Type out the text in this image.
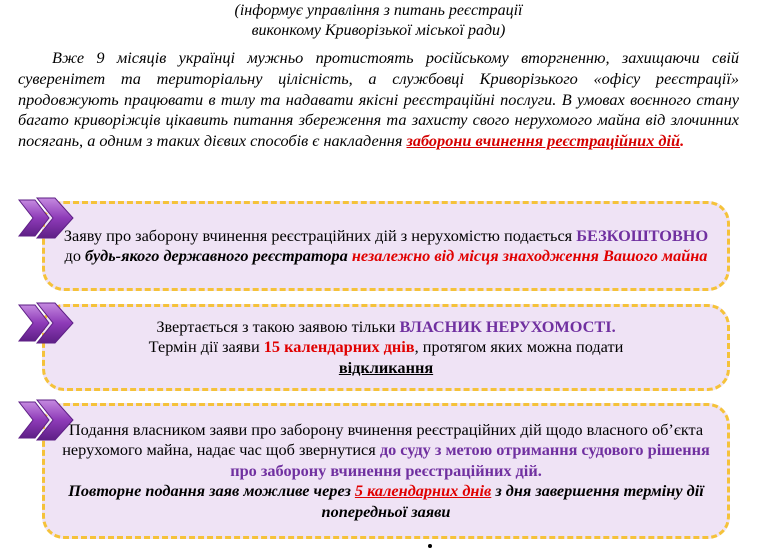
(інформує управління з питань реєстрації
виконкому Криворізької міської ради)
Вже 9 місяців українці мужньо протистоять російському вторгненню, захищаючи свій суверенітет та територіальну цілісність, а службовці Криворізького «офісу реєстрації» продовжують працювати в тилу та надавати якісні реєстраційні послуги. В умовах воєнного стану багато криворіжців цікавить питання збереження та захисту свого нерухомого майна від злочинних посягань, а одним з таких дієвих способів є накладення заборони вчинення реєстраційних дій.
Заяву про заборону вчинення реєстраційних дій з нерухомістю подається БЕЗКОШТОВНО до будь-якого державного реєстратора незалежно від місця знаходження Вашого майна
Звертається з такою заявою тільки ВЛАСНИК НЕРУХОМОСТІ.
Термін дії заяви 15 календарних днів, протягом яких можна подати
відкликання
Подання власником заяви про заборону вчинення реєстраційних дій щодо власного об’єкта нерухомого майна, надає час щоб звернутися до суду з метою отримання судового рішення про заборону вчинення реєстраційних дій.
Повторне подання заяв можливе через 5 календарних днів з дня завершення терміну дії попередньої заяви
